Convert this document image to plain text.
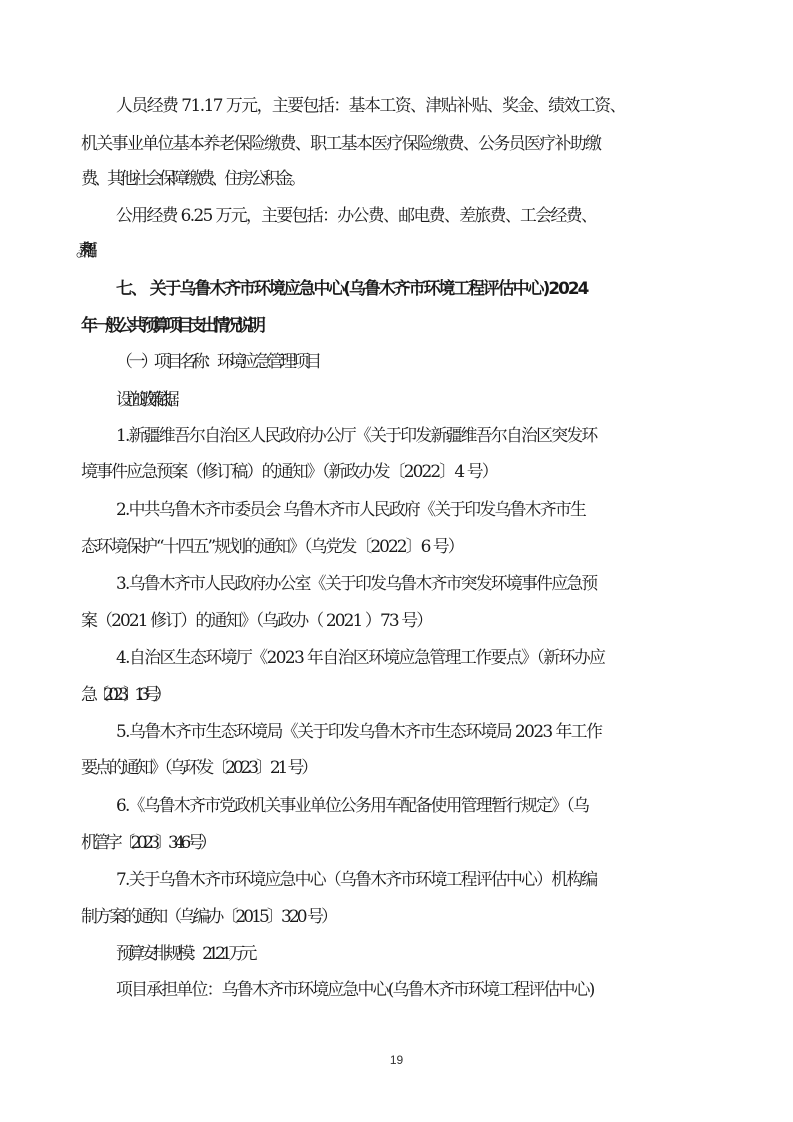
人员经费 71.17 万元，主要包括：基本工资、津贴补贴、奖金、绩效工资、
机关事业单位基本养老保险缴费、职工基本医疗保险缴费、公务员医疗补助缴
费、其他社会保障缴费、住房公积金。
公用经费 6.25 万元，主要包括：办公费、邮电费、差旅费、工会经费、
七、 关于乌鲁木齐市环境应急中心(乌鲁木齐市环境工程评估中心)2024
年一般公共预算项目支出情况说明
（一）项目名称：环境应急管理项目
设立的政策依据：
1.新疆维吾尔自治区人民政府办公厅《关于印发新疆维吾尔自治区突发环
境事件应急预案（修订稿）的通知》（新政办发〔2022〕4 号）
2.中共乌鲁木齐市委员会 乌鲁木齐市人民政府《关于印发乌鲁木齐市生
态环境保护“十四五”规划的通知》（乌党发〔2022〕6 号）
3.乌鲁木齐市人民政府办公室《关于印发乌鲁木齐市突发环境事件应急预
案（2021 修订）的通知》（乌政办（ 2021 ）73 号）
4.自治区生态环境厅《2023 年自治区环境应急管理工作要点》（新环办应
急〔2023〕13 号）
5.乌鲁木齐市生态环境局《关于印发乌鲁木齐市生态环境局 2023 年工作
要点的通知》（乌环发〔2023〕21 号）
6.《乌鲁木齐市党政机关事业单位公务用车配备使用管理暂行规定》（乌
机管字〔2023〕346 号）
7.关于乌鲁木齐市环境应急中心（乌鲁木齐市环境工程评估中心）机构编
制方案的通知（乌编办〔2015〕320 号）
预算安排规模：21.21 万元
项目承担单位：乌鲁木齐市环境应急中心(乌鲁木齐市环境工程评估中心)
19
